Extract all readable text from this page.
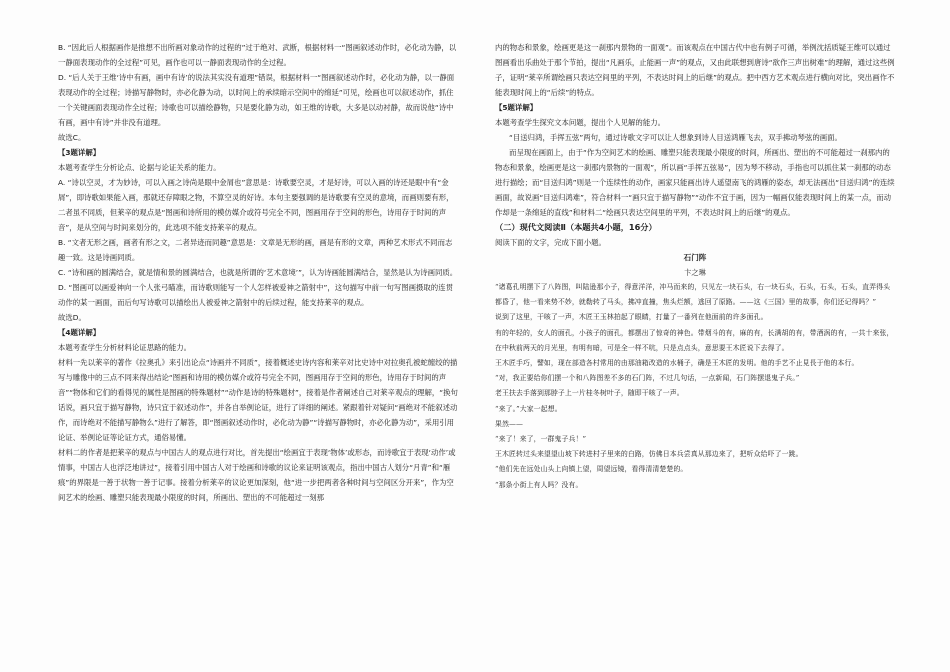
B. “因此后人根据画作是推想不出所画对象动作的过程的”过于绝对、武断，根据材料一“图画叙述动作时，必化动为静，以一静面表现动作的全过程”可见，画作也可以一静面表现动作的全过程。

D. “后人关于王维‘诗中有画，画中有诗’的说法其实没有道理”错误，根据材料一“图画叙述动作时，必化动为静，以一静面表现动作的全过程；诗描写静物时，亦必化静为动，以时间上的承续暗示空间中的绵延”可见，绘画也可以叙述动作，抓住一个关键画面表现动作全过程；诗歌也可以描绘静物，只是要化静为动，如王维的诗歌，大多是以动衬静，故而说他“诗中有画，画中有诗”并非没有道理。

故选C。

【3题详解】

本题考查学生分析论点、论据与论证关系的能力。

A. “诗以空灵，才为妙诗，可以入画之诗尚是眼中金屑也”意思是：诗歌要空灵，才是好诗，可以入画的诗还是眼中有“金屑”，即诗歌如果能入画，那就还存障眼之物，不算空灵的好诗。本句主要强调的是诗歌要有空灵的意境，而画则要有形，二者虽不同质，但莱辛的观点是“图画和诗所用的模仿媒介或符号完全不同，图画用存于空间的形色，诗用存于时间的声音”，是从空间与时间来划分的，此选项不能支持莱辛的观点。

B. “文者无形之画，画者有形之文，二者异迹而同趣”意思是：文章是无形的画，画是有形的文章，两种艺术形式不同而志趣一致。这是诗画同质。

C. “诗和画的圆满结合，就是情和景的圆满结合，也就是所谓的‘艺术意境’”，认为诗画能圆满结合，显然是认为诗画同质。

D. “图画可以画爱神向一个人张弓瞄准，而诗歌则能写一个人怎样被爱神之箭射中”，这句描写中前一句写图画摄取的连贯动作的某一画面，而后句写诗歌可以描绘出人被爱神之箭射中的后续过程，能支持莱辛的观点。

故选D。

【4题详解】

本题考查学生分析材料论证思路的能力。

材料一先以莱辛的著作《拉奥孔》来引出论点“诗画并不同质”，接着概述史诗内容和莱辛对比史诗中对拉奥孔被蛇缠绞的描写与雕像中的三点不同来得出结论“图画和诗用的模仿媒介或符号完全不同，图画用存于空间的形色，诗用存于时间的声音”“物体和它们的看得见的属性是图画的特殊题材”“动作是诗的特殊题材”，接着是作者阐述自己对莱辛观点的理解，“换句话说，画只宜于描写静物，诗只宜于叙述动作”，并各自举例论证，进行了详细的阐述。紧跟着针对疑问“画绝对不能叙述动作，而诗绝对不能描写静物么”进行了解答，即“图画叙述动作时，必化动为静”“诗描写静物时，亦必化静为动”，采用引用论证、举例论证等论证方式，通俗易懂。

材料二的作者是把莱辛的观点与中国古人的观点进行对比，首先提出“绘画宜于表现‘物体’或形态，而诗歌宜于表现‘动作’或情事，中国古人也浮泛地讲过”，接着引用中国古人对于绘画和诗歌的议论来证明该观点，指出中国古人划分“月青”和“雁痕”的界限是一善于状物一善于记事。接着分析莱辛的议论更加深刻，他“进一步把两者各种时间与空间区分开来”，作为空间艺术的绘画、雕塑只能表现最小限度的时间，所画出、塑出的不可能超过一刻那

内的物态和景象，绘画更是这一刹那内景物的一面观”。而该观点在中国古代中也有例子可循，举例沈括质疑王维可以通过图画看出乐曲处于那个节拍，提出“凡画乐，止能画一声”的观点，又由此联想到唐诗“欲作三声出树难”的理解，通过这些例子，证明“莱辛所谓绘画只表达空间里的平列，不表达时间上的后继”的观点。把中西方艺术观点进行横向对比，突出画作不能表现时间上的“后续”的特点。

【5题详解】

本题考查学生探究文本问题，提出个人见解的能力。

“目送归鸿，手挥五弦”两句，通过诗歌文字可以让人想象到诗人目送鸿雁飞去，双手拂动琴弦的画面。

而呈现在画面上，由于“作为空间艺术的绘画、雕塑只能表现最小限度的时间，所画出、塑出的不可能超过一刹那内的物态和景象，绘画更是这一刹那内景物的一面观”，所以画“手挥五弦易”，因为琴不移动，手指也可以抓住某一刹那的动态进行描绘；而“目送归鸿”则是一个连续性的动作，画家只能画出诗人遥望南飞的鸿雁的姿态，却无法画出“目送归鸿”的连续画面，故说画“目送归鸿难”，符合材料一“画只宜于描写静物”“动作不宜于画，因为一幅画仅能表现时间上的某一点，而动作却是一条绵延的直线”和材料二“绘画只表达空间里的平列，不表达时间上的后继”的观点。

（二）现代文阅读Ⅱ（本题共4小题，16分）

阅读下面的文字，完成下面小题。

石门阵

卞之琳

“诸葛孔明摆下了八阵图，叫陆逊那小子，得意洋洋，冲马而来的，只见左一块石头，右一块石头，石头，石头，石头，直弄得头都昏了，他一看来势不妙，就勒转了马头，拂冲直撞，焦头烂额，逃回了原路。——这《三国》里的故事，你们还记得吗？”

说到了这里，干咳了一声，木匠王玉林拍起了眼睛，打量了一番列在他面前的许多面孔。

有的年轻的，女人的面孔，小孩子的面孔，都摆出了惊奇的神色。带烟斗的有，麻的有，长满胡的有，带酒涡的有，一共十来张，在中秋前两天的月光里，有明有暗，可是全一样不吭，只是点点头，意思要王木匠说下去得了。

王木匠手巧，譬如，现在部造各村常用的由那油箱改造的水桶子，确是王木匠的发明。他的手艺不止見長于他的本行。

“对，我正要给你们摆一个和八阵图差不多的石门阵，不过几句话，一点新闻，石门阵摆退鬼子兵。”

老王扶去手落到那脖子上一片桂冬树叶子，随即干咳了一声。

“来了。”大家一起想。

果然——

“来了！来了，一群鬼子兵！”

王木匠转过头来望望山坡下转进村子里来的白路，仿佛日本兵尝真从那边来了，把听众给吓了一跳。

“他们先在远处山头上向镇上望，周望远镜，看得清清楚楚的。

“那条小街上有人吗？没有。
